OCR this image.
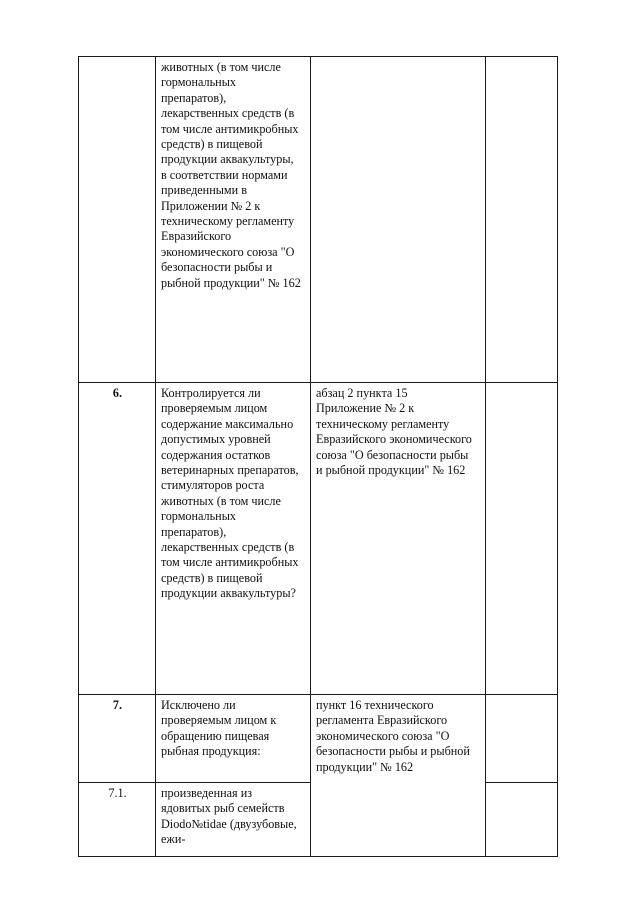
	животных (в том числе гормональных препаратов), лекарственных средств (в том числе антимикробных средств) в пищевой продукции аквакультуры, в соответствии нормами приведенными в Приложении № 2 к техническому регламенту Евразийского экономического союза "О безопасности рыбы и рыбной продукции" № 162		

6.	Контролируется ли проверяемым лицом содержание максимально допустимых уровней содержания остатков ветеринарных препаратов, стимуляторов роста животных (в том числе гормональных препаратов), лекарственных средств (в том числе антимикробных средств) в пищевой продукции аквакультуры?	абзац 2 пункта 15 Приложение № 2 к техническому регламенту Евразийского экономического союза "О безопасности рыбы и рыбной продукции" № 162	

7.	Исключено ли проверяемым лицом к обращению пищевая рыбная продукция:	пункт 16 технического регламента Евразийского экономического союза "О безопасности рыбы и рыбной продукции" № 162	

7.1.	произведенная из ядовитых рыб семейств Diodo№tidae (двузубовые, ежи-		
